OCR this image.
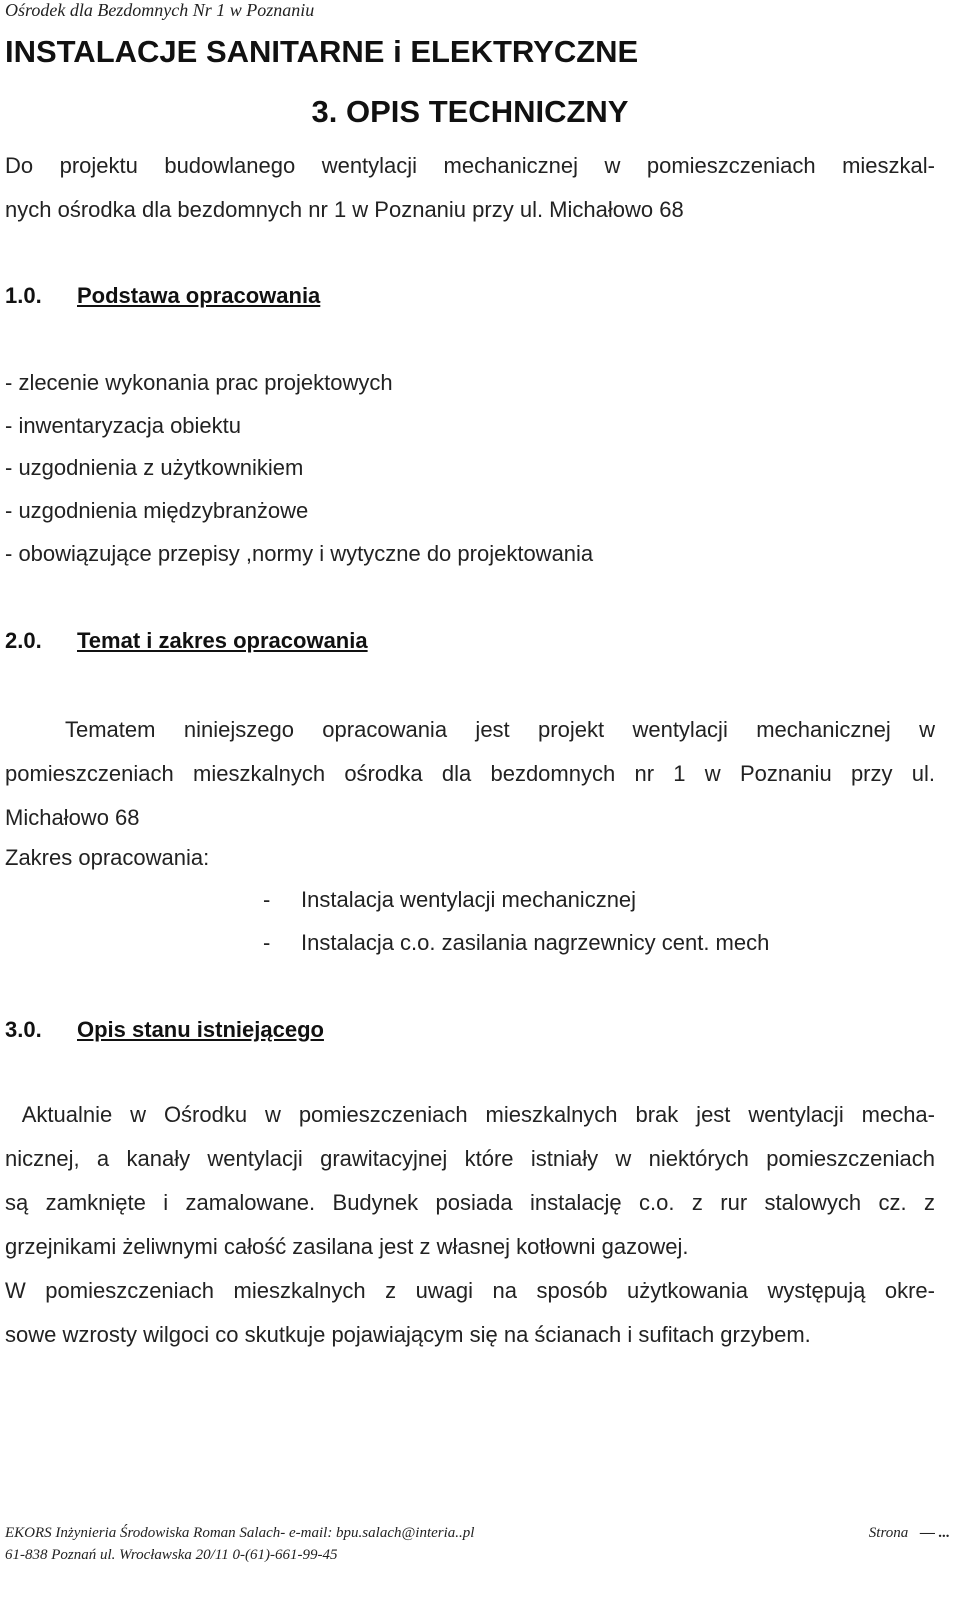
Ośrodek dla Bezdomnych Nr 1 w Poznaniu
INSTALACJE SANITARNE i ELEKTRYCZNE
3. OPIS TECHNICZNY
Do projektu budowlanego wentylacji mechanicznej w pomieszczeniach mieszkal-
nych ośrodka dla bezdomnych nr 1 w Poznaniu przy ul. Michałowo 68
1.0. Podstawa opracowania
- zlecenie wykonania prac projektowych
- inwentaryzacja obiektu
- uzgodnienia z użytkownikiem
- uzgodnienia międzybranżowe
- obowiązujące przepisy ,normy i wytyczne do projektowania
2.0. Temat i zakres opracowania
Tematem niniejszego opracowania jest projekt wentylacji mechanicznej w
pomieszczeniach mieszkalnych ośrodka dla bezdomnych nr 1 w Poznaniu przy ul.
Michałowo 68
Zakres opracowania:
- Instalacja wentylacji mechanicznej
- Instalacja c.o. zasilania nagrzewnicy cent. mech
3.0. Opis stanu istniejącego
Aktualnie w Ośrodku w pomieszczeniach mieszkalnych brak jest wentylacji mecha-
nicznej, a kanały wentylacji grawitacyjnej które istniały w niektórych pomieszczeniach
są zamknięte i zamalowane. Budynek posiada instalację c.o. z rur stalowych cz. z
grzejnikami żeliwnymi całość zasilana jest z własnej kotłowni gazowej.
W pomieszczeniach mieszkalnych z uwagi na sposób użytkowania występują okre-
sowe wzrosty wilgoci co skutkuje pojawiającym się na ścianach i sufitach grzybem.
EKORS Inżynieria Środowiska Roman Salach- e-mail: bpu.salach@interia..pl
61-838 Poznań ul. Wrocławska 20/11 0-(61)-661-99-45
Strona — ...
